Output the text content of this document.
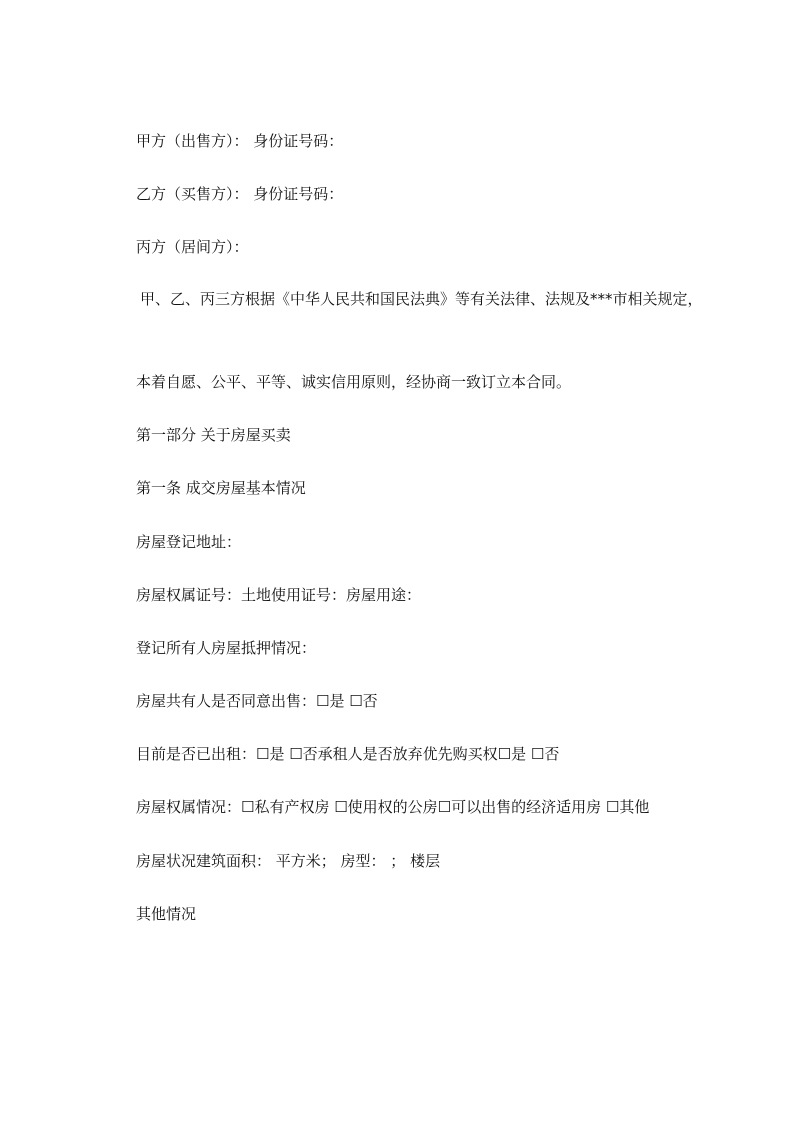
甲方（出售方）： 身份证号码：
乙方（买售方）： 身份证号码：
丙方（居间方）：
甲、乙、丙三方根据《中华人民共和国民法典》等有关法律、法规及***市相关规定，
本着自愿、公平、平等、诚实信用原则，经协商一致订立本合同。
第一部分 关于房屋买卖
第一条 成交房屋基本情况
房屋登记地址：
房屋权属证号：土地使用证号：房屋用途：
登记所有人房屋抵押情况：
房屋共有人是否同意出售：☐是 ☐否
目前是否已出租：☐是 ☐否承租人是否放弃优先购买权☐是 ☐否
房屋权属情况：☐私有产权房 ☐使用权的公房☐可以出售的经济适用房 ☐其他
房屋状况建筑面积： 平方米； 房型： ； 楼层
其他情况
